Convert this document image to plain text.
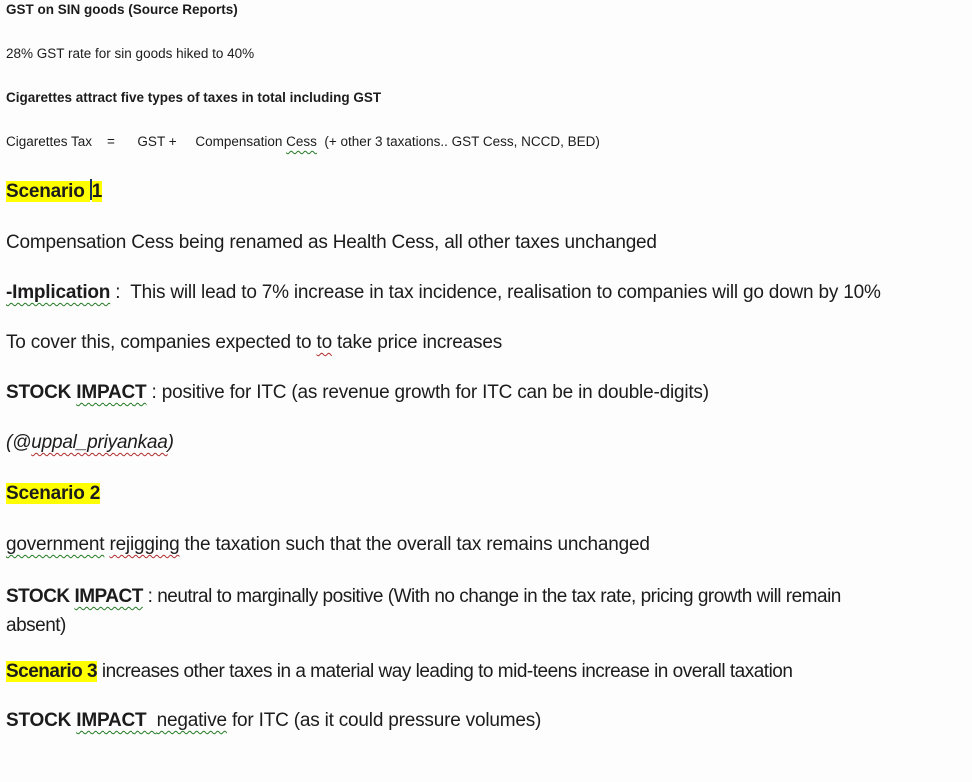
GST on SIN goods (Source Reports)

28% GST rate for sin goods hiked to 40%

Cigarettes attract five types of taxes in total including GST

Cigarettes Tax    =      GST +     Compensation Cess  (+ other 3 taxations.. GST Cess, NCCD, BED)

Scenario 1

Compensation Cess being renamed as Health Cess, all other taxes unchanged

-Implication :  This will lead to 7% increase in tax incidence, realisation to companies will go down by 10%

To cover this, companies expected to to take price increases

STOCK IMPACT : positive for ITC (as revenue growth for ITC can be in double-digits)

(@uppal_priyankaa)

Scenario 2

government rejigging the taxation such that the overall tax remains unchanged

STOCK IMPACT : neutral to marginally positive (With no change in the tax rate, pricing growth will remain
absent)

Scenario 3 increases other taxes in a material way leading to mid-teens increase in overall taxation

STOCK IMPACT negative for ITC (as it could pressure volumes)
